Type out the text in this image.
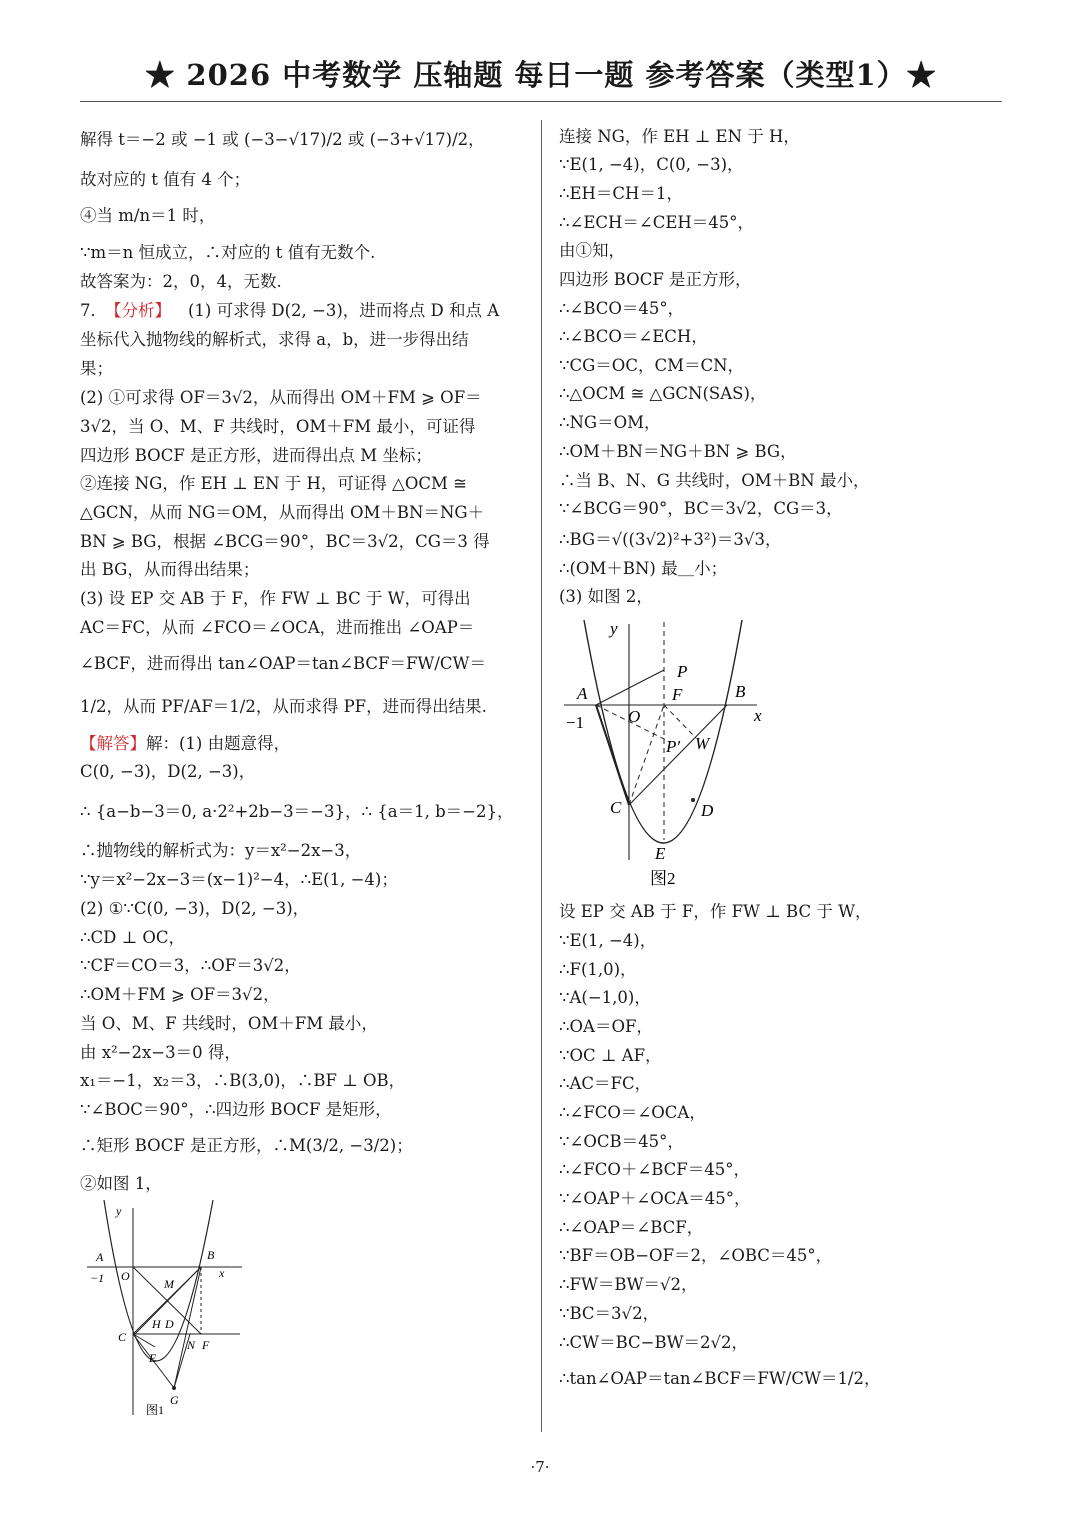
★ 2026 中考数学 压轴题 每日一题 参考答案（类型1）★
解得 t＝−2 或 −1 或 (−3−√17)/2 或 (−3+√17)/2，
故对应的 t 值有 4 个；
④当 m/n＝1 时，
∵m＝n 恒成立，∴对应的 t 值有无数个.
故答案为：2，0，4，无数.
7．
【分析】 (1) 可求得 D(2, −3)，进而将点 D 和点 A
坐标代入抛物线的解析式，求得 a，b，进一步得出结
果；
(2) ①可求得 OF＝3√2，从而得出 OM＋FM ⩾ OF＝
3√2，当 O、M、F 共线时，OM＋FM 最小，可证得
四边形 BOCF 是正方形，进而得出点 M 坐标；
②连接 NG，作 EH ⊥ EN 于 H，可证得 △OCM ≅
△GCN，从而 NG＝OM，从而得出 OM＋BN＝NG＋
BN ⩾ BG，根据 ∠BCG＝90°，BC＝3√2，CG＝3 得
出 BG，从而得出结果；
(3) 设 EP 交 AB 于 F，作 FW ⊥ BC 于 W，可得出
AC＝FC，从而 ∠FCO＝∠OCA，进而推出 ∠OAP＝
∠BCF，进而得出 tan∠OAP＝tan∠BCF＝FW/CW＝
1/2，从而 PF/AF＝1/2，从而求得 PF，进而得出结果.
【解答】 解：(1) 由题意得，
C(0, −3)，D(2, −3)，
∴ {a−b−3＝0, a·2²+2b−3＝−3}，∴ {a＝1, b＝−2}，
∴抛物线的解析式为：y＝x²−2x−3，
∵y＝x²−2x−3＝(x−1)²−4，∴E(1, −4)；
(2) ①∵C(0, −3)，D(2, −3)，
∴CD ⊥ OC，
∵CF＝CO＝3，∴OF＝3√2，
∴OM＋FM ⩾ OF＝3√2，
当 O、M、F 共线时，OM＋FM 最小，
由 x²−2x−3＝0 得，
x₁＝−1，x₂＝3，∴B(3,0)，∴BF ⊥ OB，
∵∠BOC＝90°，∴四边形 BOCF 是矩形，
∴矩形 BOCF 是正方形，∴M(3/2, −3/2)；
②如图 1，
y
x
A
−1 O
B
M
C
H D
N F
E
G
图1
连接 NG，作 EH ⊥ EN 于 H，
∵E(1, −4)，C(0, −3)，
∴EH＝CH＝1，
∴∠ECH＝∠CEH＝45°，
由①知，
四边形 BOCF 是正方形，
∴∠BCO＝45°，
∴∠BCO＝∠ECH，
∵CG＝OC，CM＝CN，
∴△OCM ≅ △GCN(SAS)，
∴NG＝OM，
∴OM＋BN＝NG＋BN ⩾ BG，
∴当 B、N、G 共线时，OM＋BN 最小，
∵∠BCG＝90°，BC＝3√2，CG＝3，
∴BG＝√((3√2)²+3²)＝3√3，
∴(OM＋BN) 最＿小；
(3) 如图 2，
设 EP 交 AB 于 F，作 FW ⊥ BC 于 W，
∵E(1, −4)，
∴F(1,0)，
∵A(−1,0)，
∴OA＝OF，
∵OC ⊥ AF，
∴AC＝FC，
∴∠FCO＝∠OCA，
∵∠OCB＝45°，
∴∠FCO＋∠BCF＝45°，
∵∠OAP＋∠OCA＝45°，
∴∠OAP＝∠BCF，
∵BF＝OB−OF＝2，∠OBC＝45°，
∴FW＝BW＝√2，
∵BC＝3√2，
∴CW＝BC−BW＝2√2，
∴tan∠OAP＝tan∠BCF＝FW/CW＝1/2，
y
x
A
−1	O
P
F	B
P′ W
C	D
E
图2
·7·
